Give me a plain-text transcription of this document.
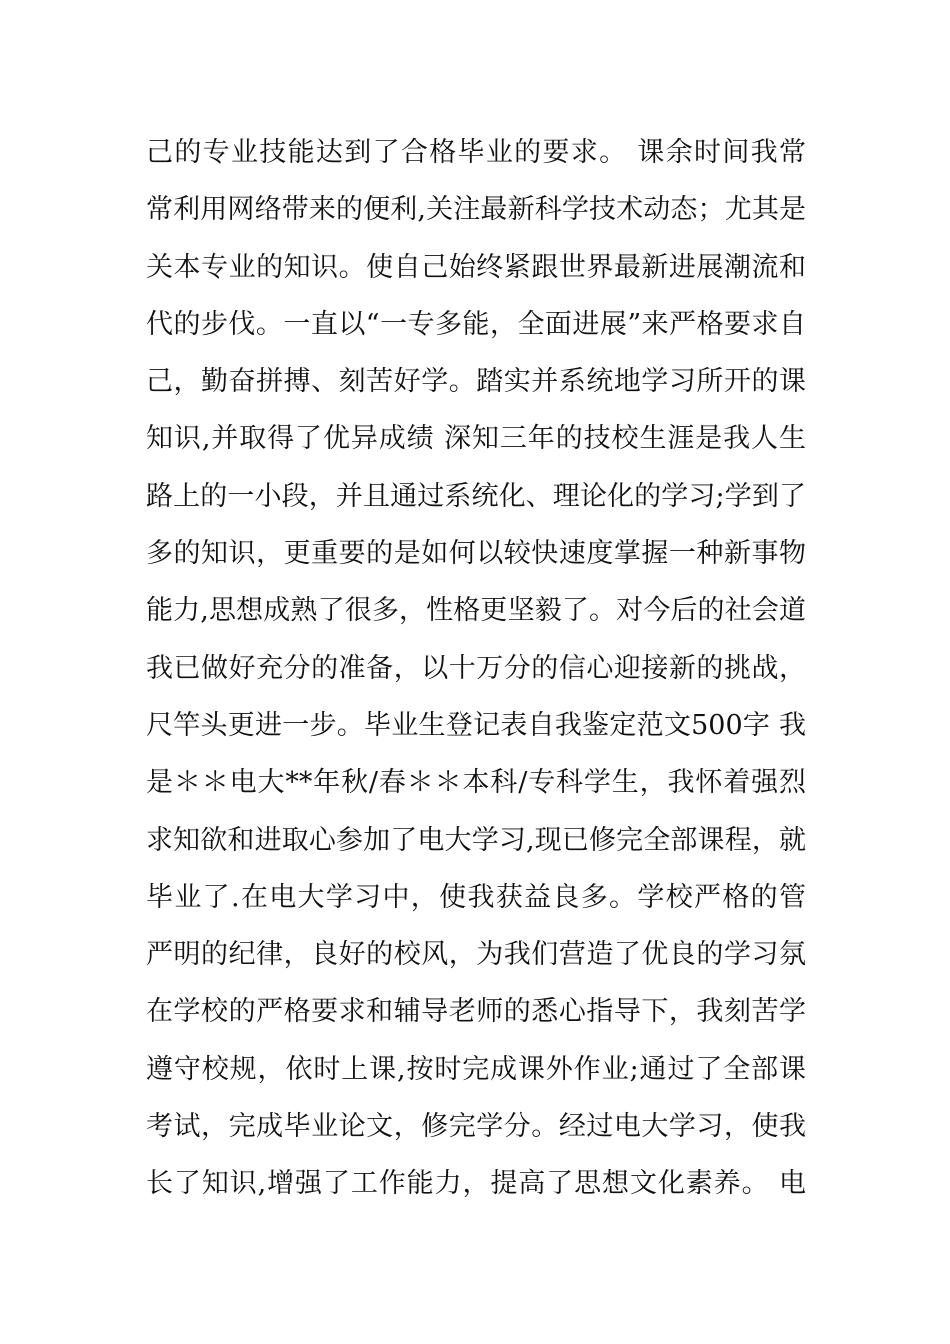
己的专业技能达到了合格毕业的要求。 课余时间我常
常利用网络带来的便利,关注最新科学技术动态；尤其是
关本专业的知识。使自己始终紧跟世界最新进展潮流和
代的步伐。一直以“一专多能，全面进展”来严格要求自
己，勤奋拼搏、刻苦好学。踏实并系统地学习所开的课
知识,并取得了优异成绩 深知三年的技校生涯是我人生
路上的一小段，并且通过系统化、理论化的学习;学到了
多的知识，更重要的是如何以较快速度掌握一种新事物
能力,思想成熟了很多，性格更坚毅了。对今后的社会道
我已做好充分的准备，以十万分的信心迎接新的挑战，
尺竿头更进一步。毕业生登记表自我鉴定范文500字 我
是＊＊电大**年秋/春＊＊本科/专科学生，我怀着强烈
求知欲和进取心参加了电大学习,现已修完全部课程，就
毕业了.在电大学习中，使我获益良多。学校严格的管
严明的纪律，良好的校风，为我们营造了优良的学习氛
在学校的严格要求和辅导老师的悉心指导下，我刻苦学
遵守校规，依时上课,按时完成课外作业;通过了全部课
考试，完成毕业论文，修完学分。经过电大学习，使我
长了知识,增强了工作能力，提高了思想文化素养。 电
